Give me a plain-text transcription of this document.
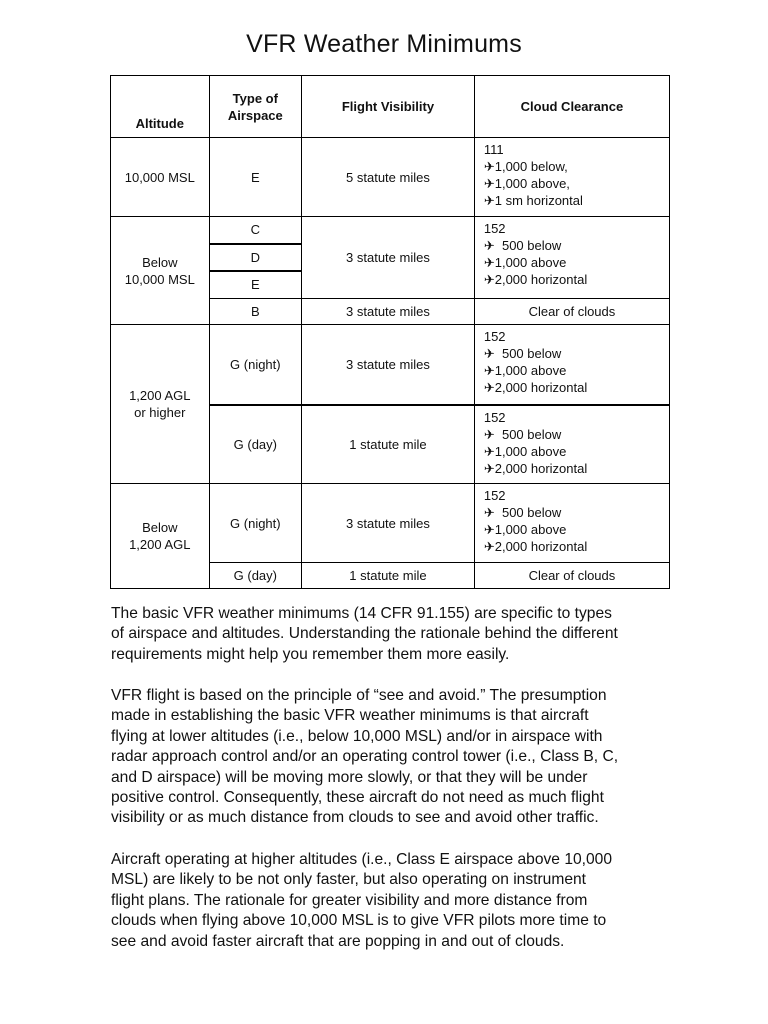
VFR Weather Minimums
Altitude	Type of Airspace	Flight Visibility	Cloud Clearance
10,000 MSL	E	5 statute miles	111
✈1,000 below,
✈1,000 above,
✈1 sm horizontal

Below
10,000 MSL	C	3 statute miles	152
✈  500 below
✈1,000 above
✈2,000 horizontal

	D		
	E		
	B	3 statute miles	Clear of clouds

1,200 AGL
or higher	G (night)	3 statute miles	152
✈  500 below
✈1,000 above
✈2,000 horizontal

	G (day)	1 statute mile	152
✈  500 below
✈1,000 above
✈2,000 horizontal

Below
1,200 AGL	G (night)	3 statute miles	152
✈  500 below
✈1,000 above
✈2,000 horizontal

	G (day)	1 statute mile	Clear of clouds
The basic VFR weather minimums (14 CFR 91.155) are specific to types
of airspace and altitudes. Understanding the rationale behind the different
requirements might help you remember them more easily.
VFR flight is based on the principle of “see and avoid.” The presumption
made in establishing the basic VFR weather minimums is that aircraft
flying at lower altitudes (i.e., below 10,000 MSL) and/or in airspace with
radar approach control and/or an operating control tower (i.e., Class B, C,
and D airspace) will be moving more slowly, or that they will be under
positive control. Consequently, these aircraft do not need as much flight
visibility or as much distance from clouds to see and avoid other traffic.
Aircraft operating at higher altitudes (i.e., Class E airspace above 10,000
MSL) are likely to be not only faster, but also operating on instrument
flight plans. The rationale for greater visibility and more distance from
clouds when flying above 10,000 MSL is to give VFR pilots more time to
see and avoid faster aircraft that are popping in and out of clouds.
